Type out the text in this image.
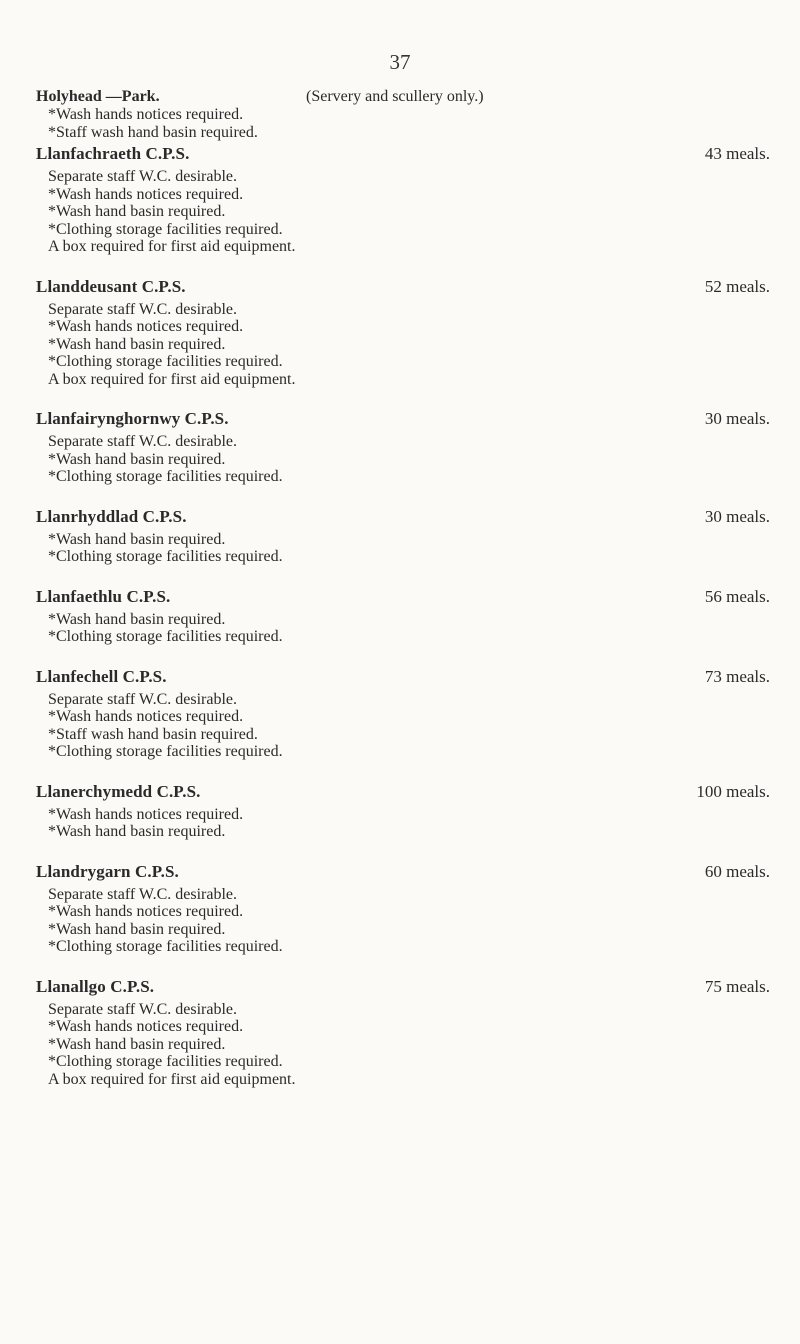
37
Holyhead —Park.	(Servery and scullery only.)
*Wash hands notices required.
*Staff wash hand basin required.
Llanfachraeth C.P.S.	43 meals.
Separate staff W.C. desirable.
*Wash hands notices required.
*Wash hand basin required.
*Clothing storage facilities required.
A box required for first aid equipment.
Llanddeusant C.P.S.	52 meals.
Separate staff W.C. desirable.
*Wash hands notices required.
*Wash hand basin required.
*Clothing storage facilities required.
A box required for first aid equipment.
Llanfairynghornwy C.P.S.	30 meals.
Separate staff W.C. desirable.
*Wash hand basin required.
*Clothing storage facilities required.
Llanrhyddlad C.P.S.	30 meals.
*Wash hand basin required.
*Clothing storage facilities required.
Llanfaethlu C.P.S.	56 meals.
*Wash hand basin required.
*Clothing storage facilities required.
Llanfechell C.P.S.	73 meals.
Separate staff W.C. desirable.
*Wash hands notices required.
*Staff wash hand basin required.
*Clothing storage facilities required.
Llanerchymedd C.P.S.	100 meals.
*Wash hands notices required.
*Wash hand basin required.
Llandrygarn C.P.S.	60 meals.
Separate staff W.C. desirable.
*Wash hands notices required.
*Wash hand basin required.
*Clothing storage facilities required.
Llanallgo C.P.S.	75 meals.
Separate staff W.C. desirable.
*Wash hands notices required.
*Wash hand basin required.
*Clothing storage facilities required.
A box required for first aid equipment.
